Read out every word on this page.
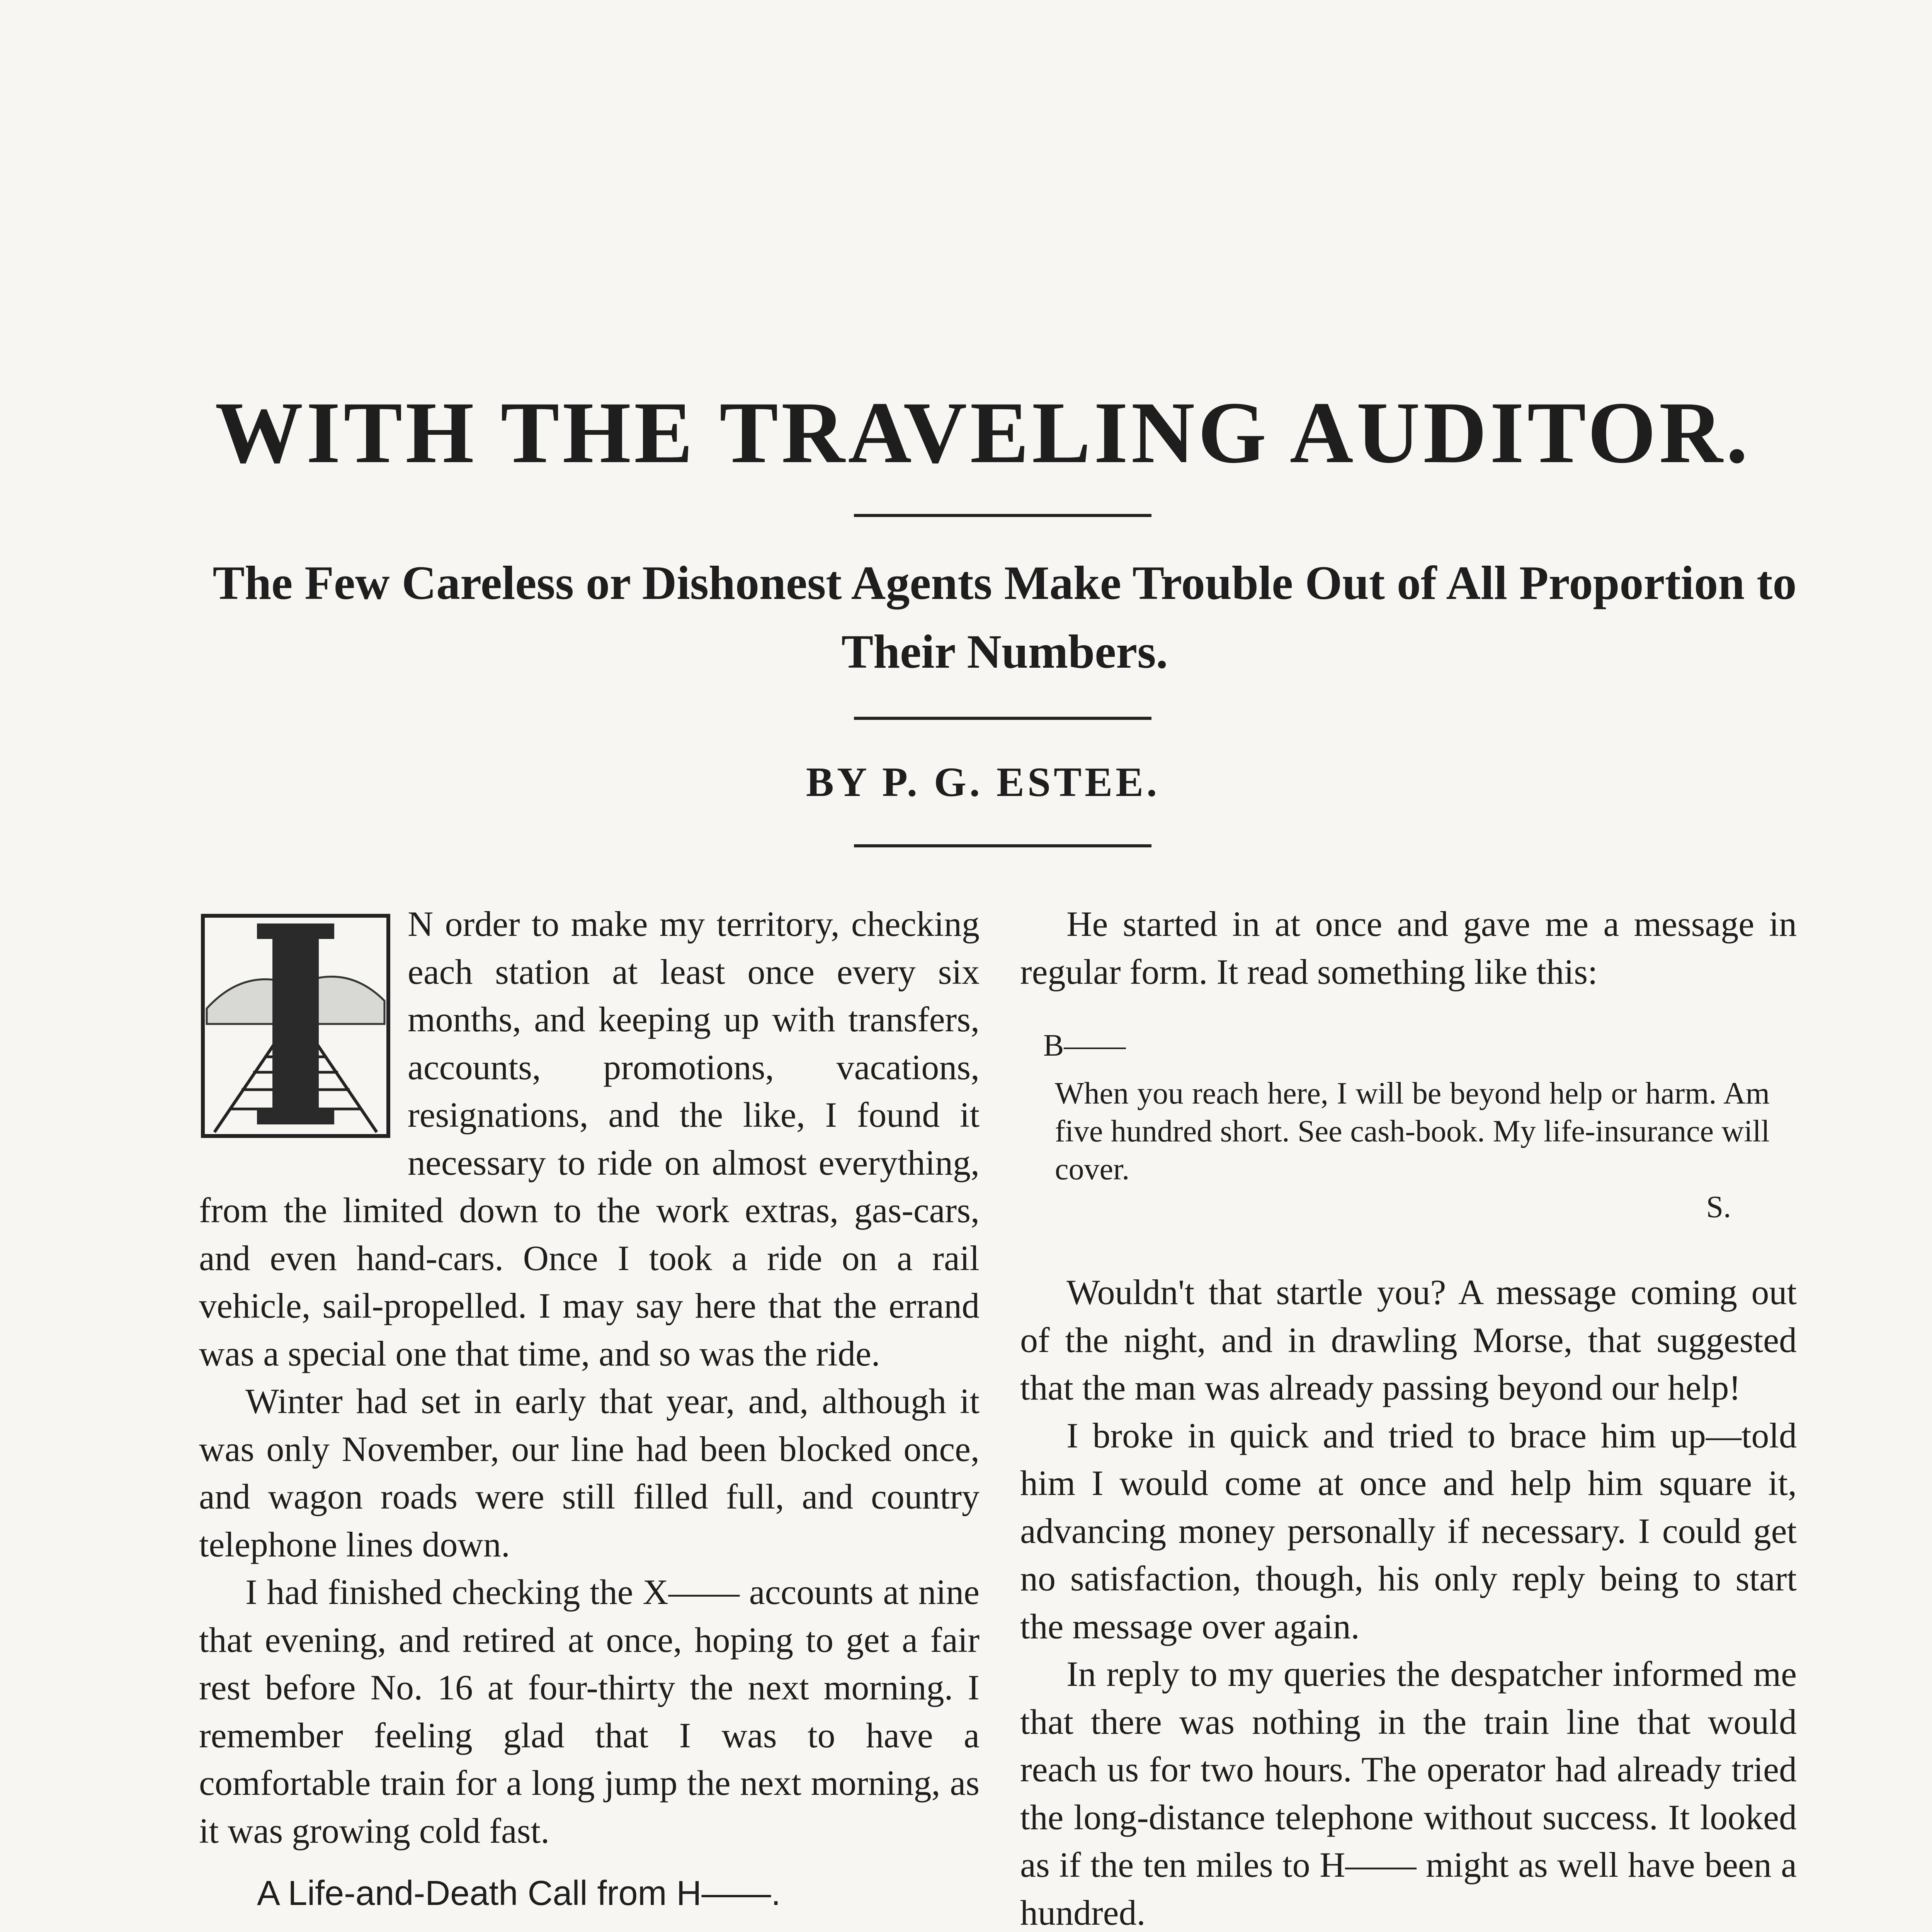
WITH THE TRAVELING AUDITOR.
The Few Careless or Dishonest Agents Make Trouble Out of All Proportion to Their Numbers.
BY P. G. ESTEE.
I

N order to make my territory, checking each station at least once every six months, and keeping up with transfers, accounts, promotions, vacations, resignations, and the like, I found it necessary to ride on almost everything, from the limited down to the work extras, gas-cars, and even hand-cars. Once I took a ride on a rail vehicle, sail-propelled. I may say here that the errand was a special one that time, and so was the ride.

Winter had set in early that year, and, although it was only November, our line had been blocked once, and wagon roads were still filled full, and country telephone lines down.

I had finished checking the X—— accounts at nine that evening, and retired at once, hoping to get a fair rest before No. 16 at four-thirty the next morning. I remember feeling glad that I was to have a comfortable train for a long jump the next morning, as it was growing cold fast.

A Life-and-Death Call from H——.

He started in at once and gave me a message in regular form. It read something like this:

B——
When you reach here, I will be beyond help or harm. Am five hundred short. See cash-book. My life-insurance will cover.
S.

Wouldn't that startle you? A message coming out of the night, and in drawling Morse, that suggested that the man was already passing beyond our help!

I broke in quick and tried to brace him up—told him I would come at once and help him square it, advancing money personally if necessary. I could get no satisfaction, though, his only reply being to start the message over again.

In reply to my queries the despatcher informed me that there was nothing in the train line that would reach us for two hours. The operator had already tried the long-distance telephone without success. It looked as if the ten miles to H—— might as well have been a hundred.
